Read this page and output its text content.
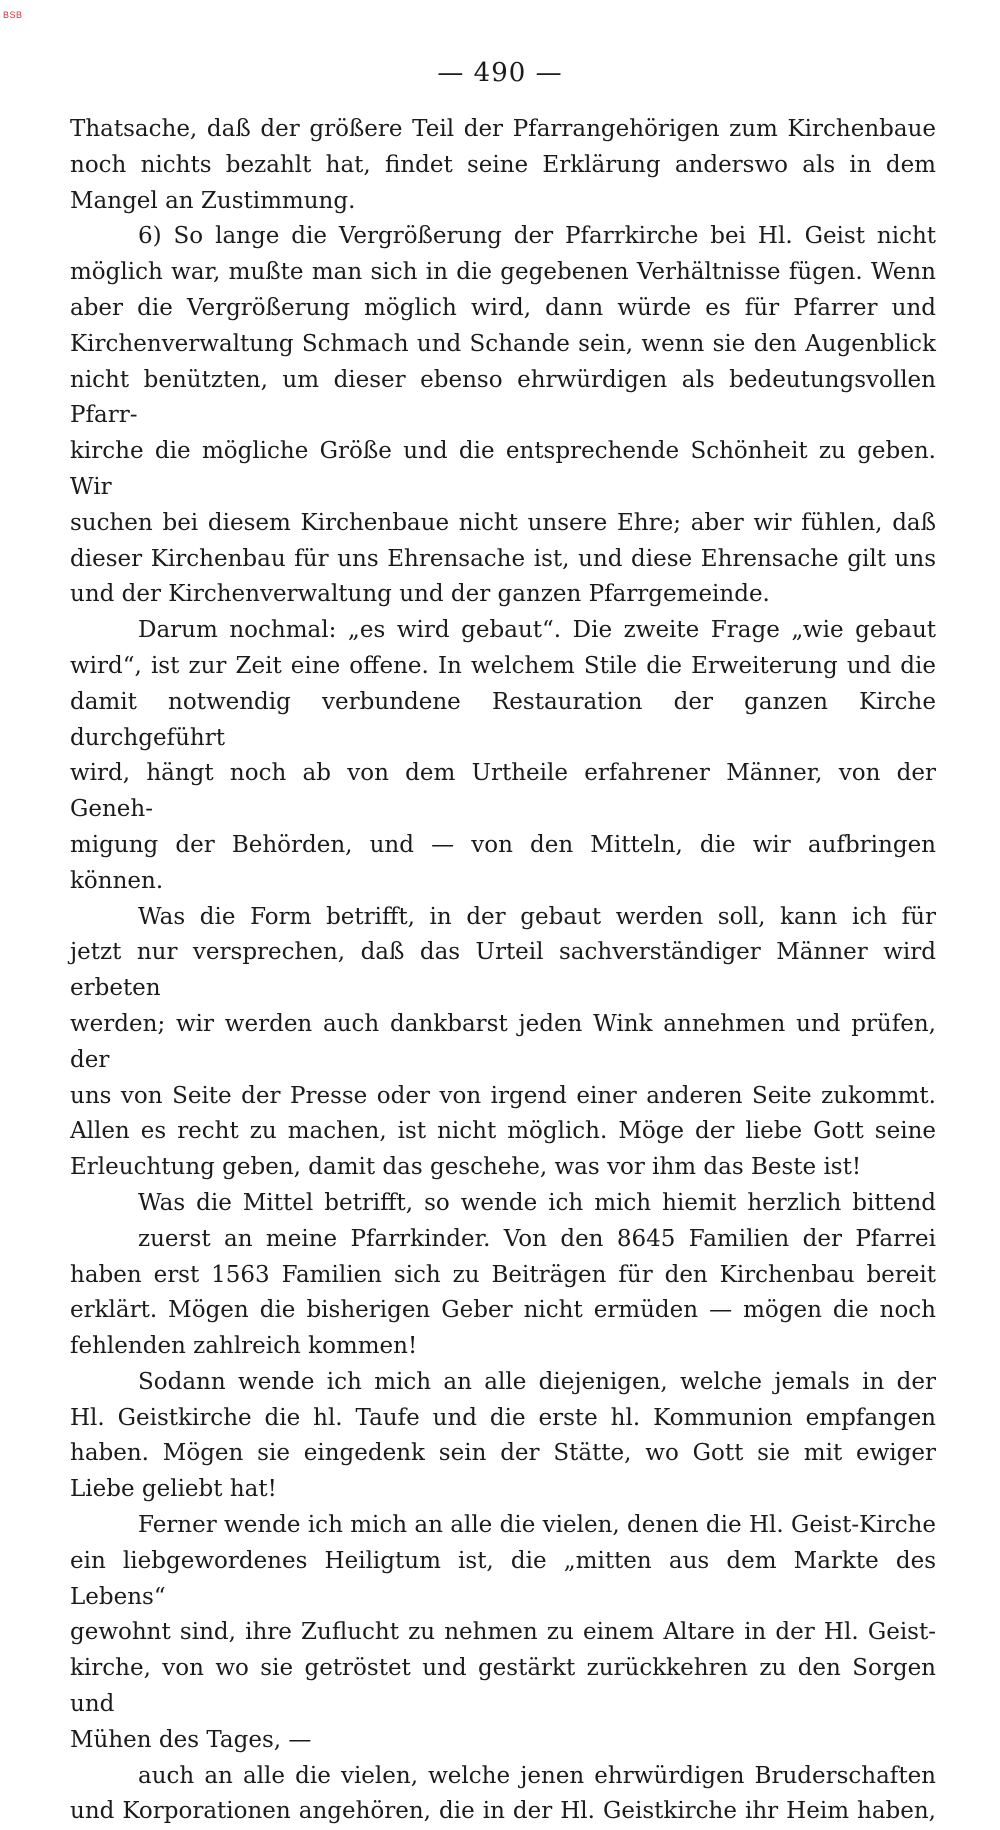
BSB
— 490 —

Thatsache, daß der größere Teil der Pfarrangehörigen zum Kirchenbaue

noch nichts bezahlt hat, findet seine Erklärung anderswo als in dem

Mangel an Zustimmung.

6) So lange die Vergrößerung der Pfarrkirche bei Hl. Geist nicht

möglich war, mußte man sich in die gegebenen Verhältnisse fügen. Wenn

aber die Vergrößerung möglich wird, dann würde es für Pfarrer und

Kirchenverwaltung Schmach und Schande sein, wenn sie den Augenblick

nicht benützten, um dieser ebenso ehrwürdigen als bedeutungsvollen Pfarr-

kirche die mögliche Größe und die entsprechende Schönheit zu geben. Wir

suchen bei diesem Kirchenbaue nicht unsere Ehre; aber wir fühlen, daß

dieser Kirchenbau für uns Ehrensache ist, und diese Ehrensache gilt uns

und der Kirchenverwaltung und der ganzen Pfarrgemeinde.

Darum nochmal: „es wird gebaut“. Die zweite Frage „wie gebaut

wird“, ist zur Zeit eine offene. In welchem Stile die Erweiterung und die

damit notwendig verbundene Restauration der ganzen Kirche durchgeführt

wird, hängt noch ab von dem Urtheile erfahrener Männer, von der Geneh-

migung der Behörden, und — von den Mitteln, die wir aufbringen können.

Was die Form betrifft, in der gebaut werden soll, kann ich für

jetzt nur versprechen, daß das Urteil sachverständiger Männer wird erbeten

werden; wir werden auch dankbarst jeden Wink annehmen und prüfen, der

uns von Seite der Presse oder von irgend einer anderen Seite zukommt.

Allen es recht zu machen, ist nicht möglich. Möge der liebe Gott seine

Erleuchtung geben, damit das geschehe, was vor ihm das Beste ist!

Was die Mittel betrifft, so wende ich mich hiemit herzlich bittend

zuerst an meine Pfarrkinder. Von den 8645 Familien der Pfarrei

haben erst 1563 Familien sich zu Beiträgen für den Kirchenbau bereit

erklärt. Mögen die bisherigen Geber nicht ermüden — mögen die noch

fehlenden zahlreich kommen!

Sodann wende ich mich an alle diejenigen, welche jemals in der

Hl. Geistkirche die hl. Taufe und die erste hl. Kommunion empfangen

haben. Mögen sie eingedenk sein der Stätte, wo Gott sie mit ewiger

Liebe geliebt hat!

Ferner wende ich mich an alle die vielen, denen die Hl. Geist-Kirche

ein liebgewordenes Heiligtum ist, die „mitten aus dem Markte des Lebens“

gewohnt sind, ihre Zuflucht zu nehmen zu einem Altare in der Hl. Geist-

kirche, von wo sie getröstet und gestärkt zurückkehren zu den Sorgen und

Mühen des Tages, —

auch an alle die vielen, welche jenen ehrwürdigen Bruderschaften

und Korporationen angehören, die in der Hl. Geistkirche ihr Heim haben,
